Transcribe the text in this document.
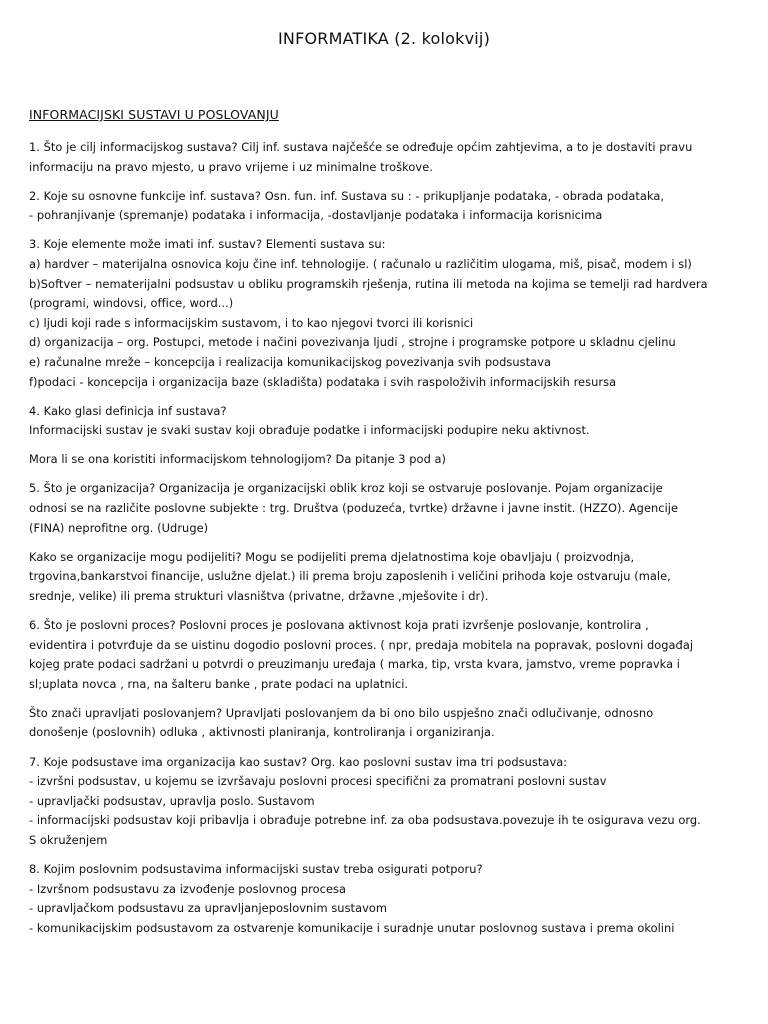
INFORMATIKA (2. kolokvij)
INFORMACIJSKI SUSTAVI U POSLOVANJU
1. Što je cilj informacijskog sustava? Cilj inf. sustava najčešće se određuje općim zahtjevima, a to je dostaviti pravu
informaciju na pravo mjesto, u pravo vrijeme i uz minimalne troškove.
2. Koje su osnovne funkcije inf. sustava? Osn. fun. inf. Sustava su : - prikupljanje podataka, - obrada podataka,
- pohranjivanje (spremanje) podataka i informacija, -dostavljanje podataka i informacija korisnicima
3. Koje elemente može imati inf. sustav? Elementi sustava su:
a) hardver – materijalna osnovica koju čine inf. tehnologije. ( računalo u različitim ulogama, miš, pisač, modem i sl)
b)Softver – nematerijalni podsustav u obliku programskih rješenja, rutina ili metoda na kojima se temelji rad hardvera
(programi, windovsi, office, word...)
c) ljudi koji rade s informacijskim sustavom, i to kao njegovi tvorci ili korisnici
d) organizacija – org. Postupci, metode i načini povezivanja ljudi , strojne i programske potpore u skladnu cjelinu
e) računalne mreže – koncepcija i realizacija komunikacijskog povezivanja svih podsustava
f)podaci - koncepcija i organizacija baze (skladišta) podataka i svih raspoloživih informacijskih resursa
4. Kako glasi definicja inf sustava?
Informacijski sustav je svaki sustav koji obrađuje podatke i informacijski podupire neku aktivnost.
Mora li se ona koristiti informacijskom tehnologijom? Da pitanje 3 pod a)
5. Što je organizacija? Organizacija je organizacijski oblik kroz koji se ostvaruje poslovanje. Pojam organizacije
odnosi se na različite poslovne subjekte : trg. Društva (poduzeća, tvrtke) državne i javne instit. (HZZO). Agencije
(FINA) neprofitne org. (Udruge)
Kako se organizacije mogu podijeliti? Mogu se podijeliti prema djelatnostima koje obavljaju ( proizvodnja,
trgovina,bankarstvoi financije, uslužne djelat.) ili prema broju zaposlenih i veličini prihoda koje ostvaruju (male,
srednje, velike) ili prema strukturi vlasništva (privatne, državne ,mješovite i dr).
6. Što je poslovni proces? Poslovni proces je poslovana aktivnost koja prati izvršenje poslovanje, kontrolira ,
evidentira i potvrđuje da se uistinu dogodio poslovni proces. ( npr, predaja mobitela na popravak, poslovni događaj
kojeg prate podaci sadržani u potvrdi o preuzimanju uređaja ( marka, tip, vrsta kvara, jamstvo, vreme popravka i
sl;uplata novca , rna, na šalteru banke , prate podaci na uplatnici.
Što znači upravljati poslovanjem? Upravljati poslovanjem da bi ono bilo uspješno znači odlučivanje, odnosno
donošenje (poslovnih) odluka , aktivnosti planiranja, kontroliranja i organiziranja.
7. Koje podsustave ima organizacija kao sustav? Org. kao poslovni sustav ima tri podsustava:
- izvršni podsustav, u kojemu se izvršavaju poslovni procesi specifični za promatrani poslovni sustav
- upravljački podsustav, upravlja poslo. Sustavom
- informacijski podsustav koji pribavlja i obrađuje potrebne inf. za oba podsustava.povezuje ih te osigurava vezu org.
S okruženjem
8. Kojim poslovnim podsustavima informacijski sustav treba osigurati potporu?
- Izvršnom podsustavu za izvođenje poslovnog procesa
- upravljačkom podsustavu za upravljanjeposlovnim sustavom
- komunikacijskim podsustavom za ostvarenje komunikacije i suradnje unutar poslovnog sustava i prema okolini
